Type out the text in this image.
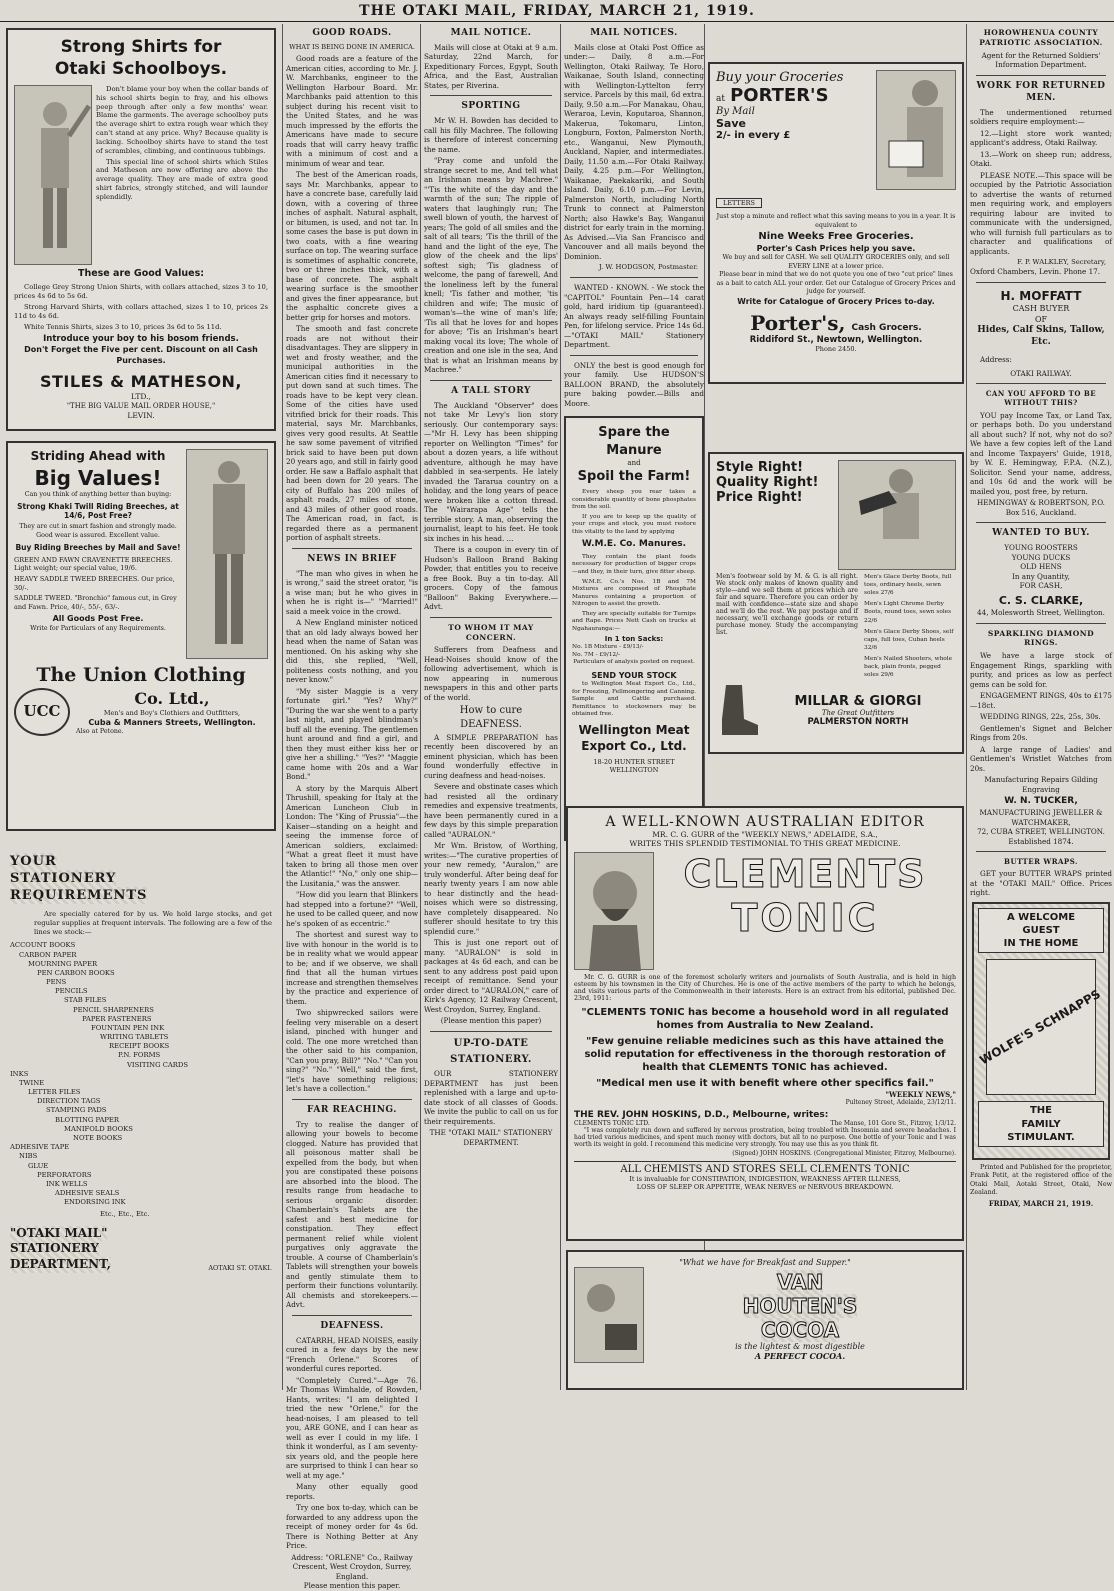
THE OTAKI MAIL, FRIDAY, MARCH 21, 1919.
Strong Shirts for
Otaki Schoolboys.

Don't blame your boy when the collar bands of his school shirts begin to fray, and his elbows peep through after only a few months' wear. Blame the garments. The average schoolboy puts the average shirt to extra rough wear which they can't stand at any price. Why? Because quality is lacking. Schoolboy shirts have to stand the test of scrambles, climbing, and continuous tubbings.

This special line of school shirts which Stiles and Matheson are now offering are above the average quality. They are made of extra good shirt fabrics, strongly stitched, and will launder splendidly.

These are Good Values:

College Grey Strong Union Shirts, with collars attached, sizes 3 to 10, prices 4s 6d to 5s 6d.

Strong Harvard Shirts, with collars attached, sizes 1 to 10, prices 2s 11d to 4s 6d.

White Tennis Shirts, sizes 3 to 10, prices 3s 6d to 5s 11d.

Introduce your boy to his bosom friends.
Don't Forget the Five per cent. Discount on all Cash Purchases.
STILES & MATHESON,
LTD.,
"THE BIG VALUE MAIL ORDER HOUSE,"
LEVIN.
Striding Ahead with
Big Values!
Can you think of anything better than buying:
Strong Khaki Twill Riding Breeches, at 14/6, Post Free?
They are cut in smart fashion and strongly made. Good wear is assured. Excellent value.
Buy Riding Breeches by Mail and Save!
GREEN AND FAWN CRAVENETTE BREECHES. Light weight; our special value, 19/6.
HEAVY SADDLE TWEED BREECHES. Our price, 30/-.
SADDLE TWEED. "Bronchio" famous cut, in Grey and Fawn. Price, 40/-, 55/-, 63/-.
All Goods Post Free.
Write for Particulars of any Requirements.
The Union Clothing
UCC
Co. Ltd.,
Men's and Boy's Clothiers and Outfitters,
Cuba & Manners Streets, Wellington.
Also at Petone.
YOUR
STATIONERY
REQUIREMENTS

Are specially catered for by us. We hold large stocks, and get regular supplies at frequent intervals. The following are a few of the lines we stock:—

ACCOUNT BOOKS
CARBON PAPER
MOURNING PAPER
PEN CARBON BOOKS
PENS
PENCILS
STAB FILES
PENCIL SHARPENERS
PAPER FASTENERS
FOUNTAIN PEN INK
WRITING TABLETS
RECEIPT BOOKS
P.N. FORMS
VISITING CARDS
INKS
TWINE
LETTER FILES
DIRECTION TAGS
STAMPING PADS
BLOTTING PAPER
MANIFOLD BOOKS
NOTE BOOKS
ADHESIVE TAPE
NIBS
GLUE
PERFORATORS
INK WELLS
ADHESIVE SEALS
ENDORSING INK
Etc., Etc., Etc.
"OTAKI MAIL"
STATIONERY

DEPARTMENT,	AOTAKI ST. OTAKI.
GOOD ROADS.
WHAT IS BEING DONE IN AMERICA.

Good roads are a feature of the American cities, according to Mr. J. W. Marchbanks, engineer to the Wellington Harbour Board. Mr. Marchbanks paid attention to this subject during his recent visit to the United States, and he was much impressed by the efforts the Americans have made to secure roads that will carry heavy traffic with a minimum of cost and a minimum of wear and tear.

The best of the American roads, says Mr. Marchbanks, appear to have a concrete base, carefully laid down, with a covering of three inches of asphalt. Natural asphalt, or bitumen, is used, and not tar. In some cases the base is put down in two coats, with a fine wearing surface on top. The wearing surface is sometimes of asphaltic concrete, two or three inches thick, with a base of concrete. The asphalt wearing surface is the smoother and gives the finer appearance, but the asphaltic concrete gives a better grip for horses and motors.

The smooth and fast concrete roads are not without their disadvantages. They are slippery in wet and frosty weather, and the municipal authorities in the American cities find it necessary to put down sand at such times. The roads have to be kept very clean. Some of the cities have used vitrified brick for their roads. This material, says Mr. Marchbanks, gives very good results. At Seattle he saw some pavement of vitrified brick said to have been put down 20 years ago, and still in fairly good order. He saw a Baffalo asphalt that had been down for 20 years. The city of Buffalo has 200 miles of asphalt roads, 27 miles of stone, and 43 miles of other good roads. The American road, in fact, is regarded there as a permanent portion of asphalt streets.

NEWS IN BRIEF

"The man who gives in when he is wrong," said the street orator, "is a wise man; but he who gives in when he is right is—" "Married!" said a meek voice in the crowd.

A New England minister noticed that an old lady always bowed her head when the name of Satan was mentioned. On his asking why she did this, she replied, "Well, politeness costs nothing, and you never know."

"My sister Maggie is a very fortunate girl." "Yes? Why?" "During the war she went to a party last night, and played blindman's buff all the evening. The gentlemen hunt around and find a girl, and then they must either kiss her or give her a shilling." "Yes?" "Maggie came home with 20s and a War Bond."

A story by the Marquis Albert Thrushill, speaking for Italy at the American Luncheon Club in London: The "King of Prussia"—the Kaiser—standing on a height and seeing the immense force of American soldiers, exclaimed: "What a great fleet it must have taken to bring all those men over the Atlantic!" "No," only one ship—the Lusitania," was the answer.

"How did you learn that Blinkers had stepped into a fortune?" "Well, he used to be called queer, and now he's spoken of as eccentric."

The shortest and surest way to live with honour in the world is to be in reality what we would appear to be; and if we observe, we shall find that all the human virtues increase and strengthen themselves by the practice and experience of them.

Two shipwrecked sailors were feeling very miserable on a desert island, pinched with hunger and cold. The one more wretched than the other said to his companion, "Can you pray, Bill?" "No." "Can you sing?" "No." "Well," said the first, "let's have something religious; let's have a collection."

FAR REACHING.

Try to realise the danger of allowing your bowels to become clogged. Nature has provided that all poisonous matter shall be expelled from the body, but when you are constipated these poisons are absorbed into the blood. The results range from headache to serious organic disorder. Chamberlain's Tablets are the safest and best medicine for constipation. They effect permanent relief while violent purgatives only aggravate the trouble. A course of Chamberlain's Tablets will strengthen your bowels and gently stimulate them to perform their functions voluntarily. All chemists and storekeepers.—Advt.

DEAFNESS.

CATARRH, HEAD NOISES, easily cured in a few days by the new "French Orlene." Scores of wonderful cures reported.

"Completely Cured."—Age 76. Mr Thomas Wimhalde, of Rowden, Hants, writes: "I am delighted I tried the new "Orlene," for the head-noises, I am pleased to tell you, ARE GONE, and I can hear as well as ever I could in my life. I think it wonderful, as I am seventy-six years old, and the people here are surprised to think I can hear so well at my age."

Many other equally good reports.

Try one box to-day, which can be forwarded to any address upon the receipt of money order for 4s 6d. There is Nothing Better at Any Price.

Address: "ORLENE" Co., Railway Crescent, West Croydon, Surrey, England.
Please mention this paper.
MAIL NOTICE.

Mails will close at Otaki at 9 a.m. Saturday, 22nd March, for Expeditionary Forces, Egypt, South Africa, and the East, Australian States, per Riverina.

SPORTING

Mr W. H. Bowden has decided to call his filly Machree. The following is therefore of interest concerning the name.

"Pray come and unfold the strange secret to me, And tell what an Irishman means by Machree." "'Tis the white of the day and the warmth of the sun; The ripple of waters that laughingly run; The swell blown of youth, the harvest of years; The gold of all smiles and the salt of all tears; 'Tis the thrill of the hand and the light of the eye, The glow of the cheek and the lips' softest sigh; 'Tis gladness of welcome, the pang of farewell, And the loneliness left by the funeral knell; 'Tis father and mother, 'tis children and wife; The music of woman's—the wine of man's life; 'Tis all that he loves for and hopes for above; 'Tis an Irishman's heart making vocal its love; The whole of creation and one isle in the sea, And that is what an Irishman means by Machree."

A TALL STORY

The Auckland "Observer" does not take Mr Levy's lion story seriously. Our contemporary says:—"Mr H. Levy has been shipping reporter on Wellington "Times" for about a dozen years, a life without adventure, although he may have dabbled in sea-serpents. He lately invaded the Tararua country on a holiday, and the long years of peace were broken like a cotton thread. The "Wairarapa Age" tells the terrible story. A man, observing the journalist, leapt to his feet. He took six inches in his head. ...

There is a coupon in every tin of Hudson's Balloon Brand Baking Powder, that entitles you to receive a free Book. Buy a tin to-day. All grocers. Copy of the famous "Balloon" Baking Everywhere.—Advt.

TO WHOM IT MAY CONCERN.

Sufferers from Deafness and Head-Noises should know of the following advertisement, which is now appearing in numerous newspapers in this and other parts of the world.

How to cure
DEAFNESS.

A SIMPLE PREPARATION has recently been discovered by an eminent physician, which has been found wonderfully effective in curing deafness and head-noises.

Severe and obstinate cases which had resisted all the ordinary remedies and expensive treatments, have been permanently cured in a few days by this simple preparation called "AURALON."

Mr Wm. Bristow, of Worthing, writes:—"The curative properties of your new remedy, "Auralon," are truly wonderful. After being deaf for nearly twenty years I am now able to hear distinctly and the head-noises which were so distressing, have completely disappeared. No sufferer should hesitate to try this splendid cure."

This is just one report out of many. "AURALON" is sold in packages at 4s 6d each, and can be sent to any address post paid upon receipt of remittance. Send your order direct to "AURALON," care of Kirk's Agency, 12 Railway Crescent, West Croydon, Surrey, England.

(Please mention this paper)
UP-TO-DATE
STATIONERY.

OUR STATIONERY DEPARTMENT has just been replenished with a large and up-to-date stock of all classes of Goods. We invite the public to call on us for their requirements.

THE "OTAKI MAIL" STATIONERY DEPARTMENT.
MAIL NOTICES.

Mails close at Otaki Post Office as under:— Daily, 8 a.m.—For Wellington, Otaki Railway, Te Horo, Waikanae, South Island, connecting with Wellington-Lyttelton ferry service. Parcels by this mail, 6d extra. Daily, 9.50 a.m.—For Manakau, Ohau, Weraroa, Levin, Koputaroa, Shannon, Makerua, Tokomaru, Linton, Longburn, Foxton, Palmerston North, etc., Wanganui, New Plymouth, Auckland, Napier, and intermediates. Daily, 11.50 a.m.—For Otaki Railway. Daily, 4.25 p.m.—For Wellington, Waikanae, Paekakariki, and South Island. Daily, 6.10 p.m.—For Levin, Palmerston North, including North Trunk to connect at Palmerston North; also Hawke's Bay, Wanganui district for early train in the morning. As Advised.—Via San Francisco and Vancouver and all mails beyond the Dominion.

J. W. HODGSON, Postmaster.

WANTED - KNOWN. - We stock the "CAPITOL" Fountain Pen—14 carat gold, hard iridium tip (guaranteed). An always ready self-filling Fountain Pen, for lifelong service. Price 14s 6d.—"OTAKI MAIL" Stationery Department.

ONLY the best is good enough for your family. Use HUDSON'S BALLOON BRAND, the absolutely pure baking powder.—Bills and Moore.

Spare the Manure
and
Spoil the Farm!

Every sheep you rear takes a considerable quantity of bone phosphates from the soil.

If you are to keep up the quality of your crops and stock, you must restore this vitality to the land by applying

W.M.E. Co. Manures.

They contain the plant foods necessary for production of bigger crops—and they, in their turn, give fitter sheep.

W.M.E. Co.'s Nos. 1B and 7M Mixtures are composed of Phosphate Manures containing a proportion of Nitrogen to assist the growth.

They are specially suitable for Turnips and Rape. Prices Nett Cash on trucks at Ngahauranga:—

In 1 ton Sacks:
No. 1B Mixture - £9/13/-
No. 7M - £9/12/-
Particulars of analysis posted on request.
SEND YOUR STOCK

to Wellington Meat Export Co., Ltd., for Freezing, Fellmongering and Canning. Sample and Cattle purchased. Remittance to stockowners may be obtained free.

Wellington Meat Export Co., Ltd.
18-20 HUNTER STREET WELLINGTON
Buy your Groceries
at PORTER'S
By Mail
Save
2/- in every £
LETTERS
Just stop a minute and reflect what this saving means to you in a year. It is equivalent to
Nine Weeks Free Groceries.
Porter's Cash Prices help you save.
We buy and sell for CASH. We sell QUALITY GROCERIES only, and sell EVERY LINE at a lower price.
Please bear in mind that we do not quote you one of two "cut price" lines as a bait to catch ALL your order. Get our Catalogue of Grocery Prices and judge for yourself.
Write for Catalogue of Grocery Prices to-day.
Porter's, Cash Grocers.
Riddiford St., Newtown, Wellington.
Phone 2450.
Style Right!
Quality Right!
Price Right!

Men's footwear sold by M. & G. is all right. We stock only makes of known quality and style—and we sell them at prices which are fair and square. Therefore you can order by mail with confidence—state size and shape and we'll do the rest. We pay postage and if necessary, we'll exchange goods or return purchase money. Study the accompanying list.

Men's Glace Derby Boots, full toes, ordinary heels, sewn soles 27/6
Men's Light Chrome Derby Boots, round toes, sewn soles 22/6
Men's Glace Derby Shoes, self caps, full toes, Cuban heels 32/6
Men's Nailed Shooters, whole back, plain fronts, pegged soles 29/6
MILLAR & GIORGI
The Great Outfitters
PALMERSTON NORTH
A WELL-KNOWN AUSTRALIAN EDITOR
MR. C. G. GURR of the "WEEKLY NEWS," ADELAIDE, S.A.,
WRITES THIS SPLENDID TESTIMONIAL TO THIS GREAT MEDICINE.
CLEMENTS
TONIC

Mr. C. G. GURR is one of the foremost scholarly writers and journalists of South Australia, and is held in high esteem by his townsmen in the City of Churches. He is one of the active members of the party to which he belongs, and visits various parts of the Commonwealth in their interests. Here is an extract from his editorial, published Dec. 23rd, 1911:

"CLEMENTS TONIC has become a household word in all regulated homes from Australia to New Zealand.
"Few genuine reliable medicines such as this have attained the solid reputation for effectiveness in the thorough restoration of health that CLEMENTS TONIC has achieved.
"Medical men use it with benefit where other specifics fail."
"WEEKLY NEWS,"
Pulteney Street, Adelaide, 23/12/11.
THE REV. JOHN HOSKINS, D.D., Melbourne, writes:
CLEMENTS TONIC LTD.	The Manse, 101 Gore St., Fitzroy, 1/3/12.

"I was completely run down and suffered by nervous prostration, being troubled with Insomnia and severe headaches. I had tried various medicines, and spent much money with doctors, but all to no purpose. One bottle of your Tonic and I was worth its weight in gold. I recommend this medicine very strongly. You may use this as you think fit.

(Signed) JOHN HOSKINS. (Congregational Minister, Fitzroy, Melbourne).
ALL CHEMISTS AND STORES SELL CLEMENTS TONIC
It is invaluable for CONSTIPATION, INDIGESTION, WEAKNESS AFTER ILLNESS,
LOSS OF SLEEP OR APPETITE, WEAK NERVES or NERVOUS BREAKDOWN.
"What we have for Breakfast and Supper."
VAN
HOUTEN'S
COCOA
is the lightest & most digestible
A PERFECT COCOA.
HOROWHENUA COUNTY PATRIOTIC ASSOCIATION.
Agent for the Returned Soldiers' Information Department.
WORK FOR RETURNED MEN.

The undermentioned returned soldiers require employment:—

12.—Light store work wanted; applicant's address, Otaki Railway.

13.—Work on sheep run; address, Otaki.

PLEASE NOTE.—This space will be occupied by the Patriotic Association to advertise the wants of returned men requiring work, and employers requiring labour are invited to communicate with the undersigned, who will furnish full particulars as to character and qualifications of applicants.

F. P. WALKLEY, Secretary,
Oxford Chambers, Levin. Phone 17.
H. MOFFATT
CASH BUYER
OF
Hides, Calf Skins, Tallow, Etc.
Address:
OTAKI RAILWAY.
CAN YOU AFFORD TO BE WITHOUT THIS?

YOU pay Income Tax, or Land Tax, or perhaps both. Do you understand all about such? If not, why not do so? We have a few copies left of the Land and Income Taxpayers' Guide, 1918, by W. E. Hemingway, F.P.A. (N.Z.), Solicitor. Send your name, address, and 10s 6d and the work will be mailed you, post free, by return.

HEMINGWAY & ROBERTSON, P.O. Box 516, Auckland.
WANTED TO BUY.
YOUNG ROOSTERS
YOUNG DUCKS
OLD HENS
In any Quantity,
FOR CASH,
C. S. CLARKE,
44, Molesworth Street, Wellington.
SPARKLING DIAMOND RINGS.

We have a large stock of Engagement Rings, sparkling with purity, and prices as low as perfect gems can be sold for.

ENGAGEMENT RINGS, 40s to £175 —18ct.

WEDDING RINGS, 22s, 25s, 30s.

Gentlemen's Signet and Belcher Rings from 20s.

A large range of Ladies' and Gentlemen's Wristlet Watches from 20s.

Manufacturing Repairs Gilding Engraving
W. N. TUCKER,
MANUFACTURING JEWELLER & WATCHMAKER,
72, CUBA STREET, WELLINGTON.
Established 1874.
BUTTER WRAPS.

GET your BUTTER WRAPS printed at the "OTAKI MAIL" Office. Prices right.

A WELCOME
GUEST
IN THE HOME
WOLFE'S SCHNAPPS
THE
FAMILY
STIMULANT.

Printed and Published for the proprietor, Frank Petit, at the registered office of the Otaki Mail, Aotaki Street, Otaki, New Zealand.

FRIDAY, MARCH 21, 1919.
